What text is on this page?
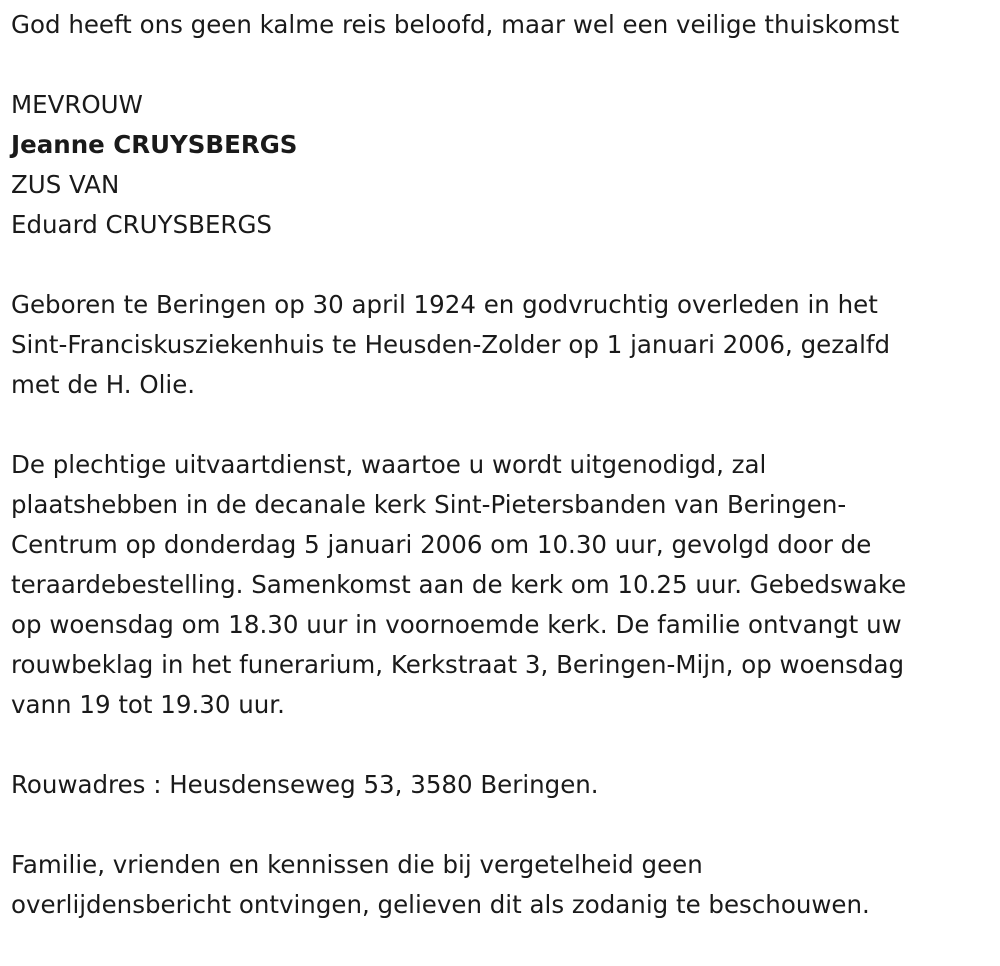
God heeft ons geen kalme reis beloofd, maar wel een veilige thuiskomst
MEVROUW
Jeanne CRUYSBERGS
ZUS VAN
Eduard CRUYSBERGS
Geboren te Beringen op 30 april 1924 en godvruchtig overleden in het
Sint-Franciskusziekenhuis te Heusden-Zolder op 1 januari 2006, gezalfd
met de H. Olie.
De plechtige uitvaartdienst, waartoe u wordt uitgenodigd, zal
plaatshebben in de decanale kerk Sint-Pietersbanden van Beringen-
Centrum op donderdag 5 januari 2006 om 10.30 uur, gevolgd door de
teraardebestelling. Samenkomst aan de kerk om 10.25 uur. Gebedswake
op woensdag om 18.30 uur in voornoemde kerk. De familie ontvangt uw
rouwbeklag in het funerarium, Kerkstraat 3, Beringen-Mijn, op woensdag
vann 19 tot 19.30 uur.
Rouwadres : Heusdenseweg 53, 3580 Beringen.
Familie, vrienden en kennissen die bij vergetelheid geen
overlijdensbericht ontvingen, gelieven dit als zodanig te beschouwen.
